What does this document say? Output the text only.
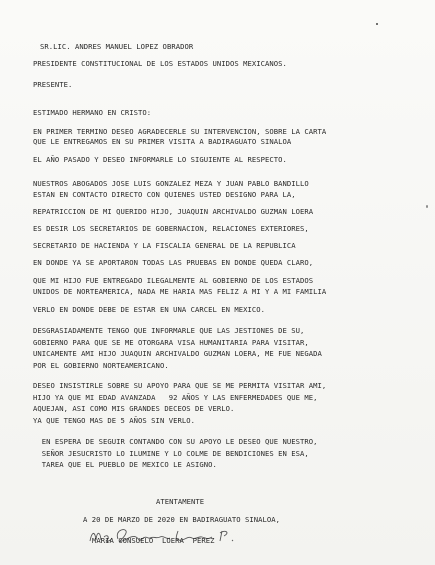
SR.LIC. ANDRES MANUEL LOPEZ OBRADOR

PRESIDENTE CONSTITUCIONAL DE LOS ESTADOS UNIDOS MEXICANOS.

PRESENTE.

ESTIMADO HERMANO EN CRISTO:

EN PRIMER TERMINO DESEO AGRADECERLE SU INTERVENCION, SOBRE LA CARTA

QUE LE ENTREGAMOS EN SU PRIMER VISITA A BADIRAGUATO SINALOA

EL AÑO PASADO Y DESEO INFORMARLE LO SIGUIENTE AL RESPECTO.

NUESTROS ABOGADOS JOSE LUIS GONZALEZ MEZA Y JUAN PABLO BANDILLO

ESTAN EN CONTACTO DIRECTO CON QUIENES USTED DESIGNO PARA LA,

REPATRICCION DE MI QUERIDO HIJO, JUAQUIN ARCHIVALDO GUZMAN LOERA

ES DESIR LOS SECRETARIOS DE GOBERNACION, RELACIONES EXTERIORES,

SECRETARIO DE HACIENDA Y LA FISCALIA GENERAL DE LA REPUBLICA

EN DONDE YA SE APORTARON TODAS LAS PRUEBAS EN DONDE QUEDA CLARO,

QUE MI HIJO FUE ENTREGADO ILEGALMENTE AL GOBIERNO DE LOS ESTADOS

UNIDOS DE NORTEAMERICA, NADA ME HARIA MAS FELIZ A MI Y A MI FAMILIA

VERLO EN DONDE DEBE DE ESTAR EN UNA CARCEL EN MEXICO.

DESGRASIADAMENTE TENGO QUE INFORMARLE QUE LAS JESTIONES DE SU,

GOBIERNO PARA QUE SE ME OTORGARA VISA HUMANITARIA PARA VISITAR,

UNICAMENTE AMI HIJO JUAQUIN ARCHIVALDO GUZMAN LOERA, ME FUE NEGADA

POR EL GOBIERNO NORTEAMERICANO.

DESEO INSISTIRLE SOBRE SU APOYO PARA QUE SE ME PERMITA VISITAR AMI,

HIJO YA QUE MI EDAD AVANZADA   92 AÑOS Y LAS ENFERMEDADES QUE ME,

AQUEJAN, ASI COMO MIS GRANDES DECEOS DE VERLO.

YA QUE TENGO MAS DE 5 AÑOS SIN VERLO.

EN ESPERA DE SEGUIR CONTANDO CON SU APOYO LE DESEO QUE NUESTRO,

SEÑOR JESUCRISTO LO ILUMINE Y LO COLME DE BENDICIONES EN ESA,

TAREA QUE EL PUEBLO DE MEXICO LE ASIGNO.

ATENTAMENTE

A 20 DE MARZO DE 2020 EN BADIRAGUATO SINALOA,

MARIA CONSUELO  LOERA  PEREZ
